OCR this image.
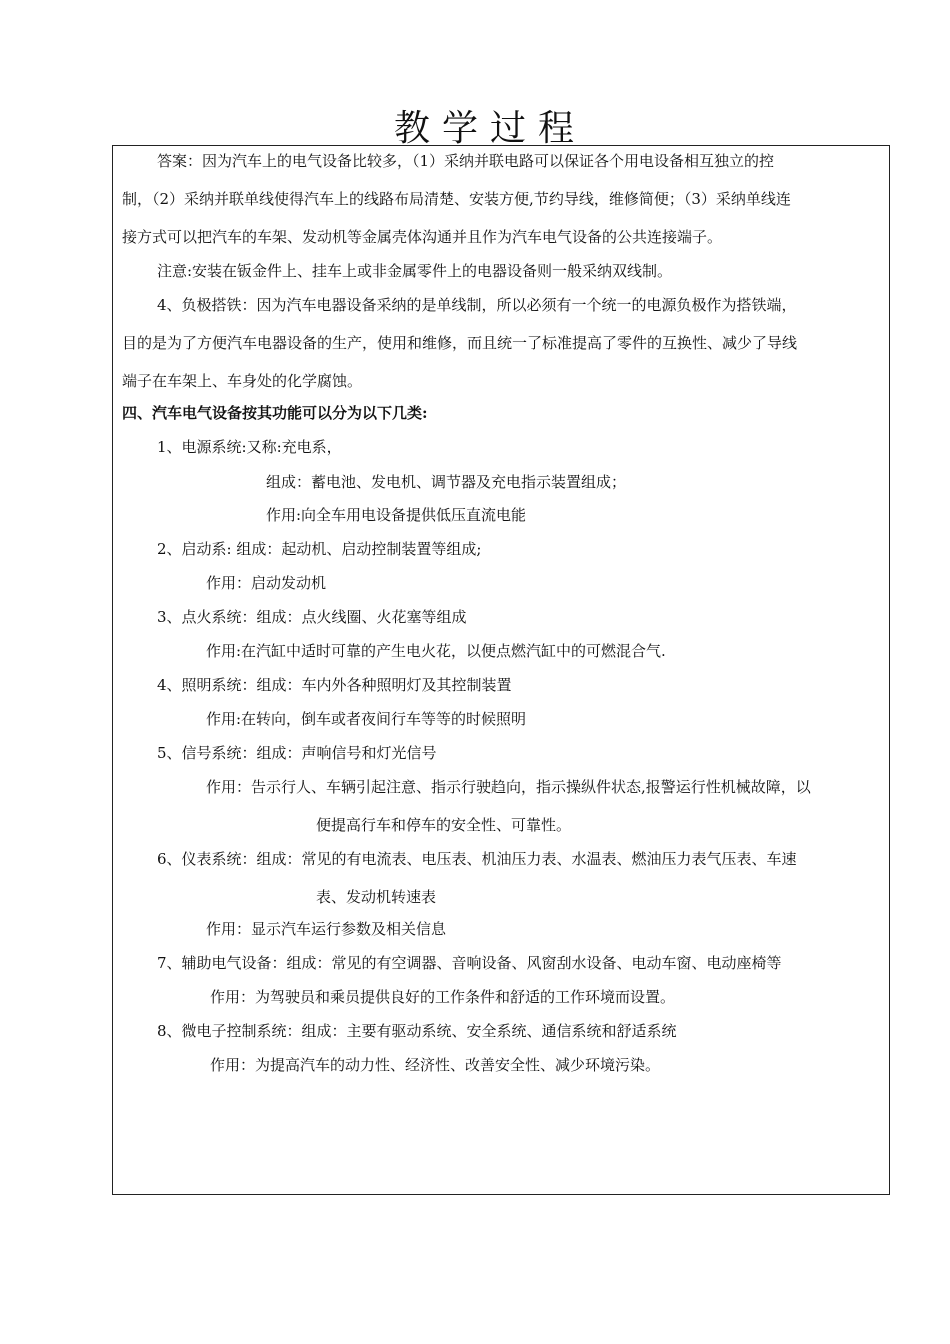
教学过程

答案：因为汽车上的电气设备比较多，（1）采纳并联电路可以保证各个用电设备相互独立的控

制，（2）采纳并联单线使得汽车上的线路布局清楚、安装方便,节约导线，维修简便；（3）采纳单线连

接方式可以把汽车的车架、发动机等金属壳体沟通并且作为汽车电气设备的公共连接端子。

注意:安装在钣金件上、挂车上或非金属零件上的电器设备则一般采纳双线制。

4、负极搭铁：因为汽车电器设备采纳的是单线制，所以必须有一个统一的电源负极作为搭铁端，

目的是为了方便汽车电器设备的生产，使用和维修，而且统一了标准提高了零件的互换性、减少了导线

端子在车架上、车身处的化学腐蚀。

四、汽车电气设备按其功能可以分为以下几类:

1、电源系统:又称:充电系，

组成：蓄电池、发电机、调节器及充电指示装置组成；

作用:向全车用电设备提供低压直流电能

2、启动系: 组成：起动机、启动控制装置等组成;

作用：启动发动机

3、点火系统：组成：点火线圈、火花塞等组成

作用:在汽缸中适时可靠的产生电火花，以便点燃汽缸中的可燃混合气.

4、照明系统：组成：车内外各种照明灯及其控制装置

作用:在转向，倒车或者夜间行车等等的时候照明

5、信号系统：组成：声响信号和灯光信号

作用：告示行人、车辆引起注意、指示行驶趋向，指示操纵件状态,报警运行性机械故障，以

便提高行车和停车的安全性、可靠性。

6、仪表系统：组成：常见的有电流表、电压表、机油压力表、水温表、燃油压力表气压表、车速

表、发动机转速表

作用：显示汽车运行参数及相关信息

7、辅助电气设备：组成：常见的有空调器、音响设备、风窗刮水设备、电动车窗、电动座椅等

作用：为驾驶员和乘员提供良好的工作条件和舒适的工作环境而设置。

8、微电子控制系统：组成：主要有驱动系统、安全系统、通信系统和舒适系统

作用：为提高汽车的动力性、经济性、改善安全性、减少环境污染。
